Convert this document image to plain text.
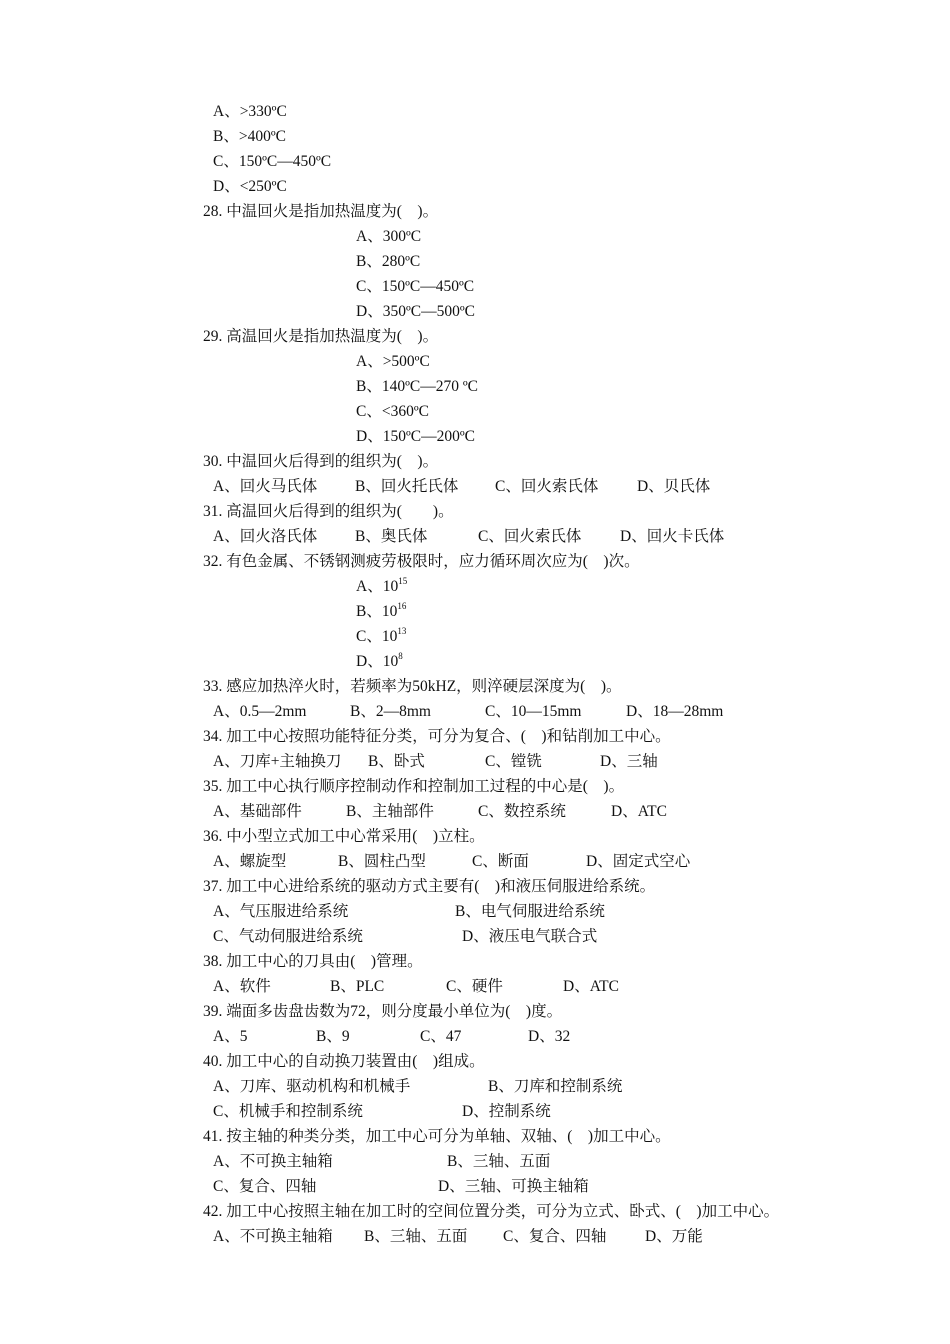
A、>330ºC
B、>400ºC
C、150ºC—450ºC
D、<250ºC
28. 中温回火是指加热温度为(    )。
A、300ºC
B、280ºC
C、150ºC—450ºC
D、350ºC—500ºC
29. 高温回火是指加热温度为(    )。
A、>500ºC
B、140ºC—270 ºC
C、<360ºC
D、150ºC—200ºC
30. 中温回火后得到的组织为(    )。
A、回火马氏体 B、回火托氏体 C、回火索氏体 D、贝氏体
31. 高温回火后得到的组织为(        )。
A、回火洛氏体 B、奥氏体	C、回火索氏体 D、回火卡氏体
32. 有色金属、不锈钢测疲劳极限时，应力循环周次应为(    )次。
A、$10^{15}$
B、$10^{16}$
C、$10^{13}$
D、$10^8$
33. 感应加热淬火时，若频率为50kHZ，则淬硬层深度为(    )。
A、0.5—2mm	B、2—8mm	C、10—15mm	D、18—28mm
34. 加工中心按照功能特征分类，可分为复合、(    )和钻削加工中心。
A、刀库+主轴换刀 B、卧式	C、镗铣	D、三轴
35. 加工中心执行顺序控制动作和控制加工过程的中心是(    )。
A、基础部件	B、主轴部件	C、数控系统	D、ATC
36. 中小型立式加工中心常采用(    )立柱。
A、螺旋型	B、圆柱凸型	C、断面	D、固定式空心
37. 加工中心进给系统的驱动方式主要有(    )和液压伺服进给系统。
A、气压服进给系统	B、电气伺服进给系统
C、气动伺服进给系统	D、液压电气联合式
38. 加工中心的刀具由(    )管理。
A、软件	B、PLC	C、硬件	D、ATC
39. 端面多齿盘齿数为72，则分度最小单位为(    )度。
A、5	B、9	C、47	D、32
40. 加工中心的自动换刀装置由(    )组成。
A、刀库、驱动机构和机械手	B、刀库和控制系统
C、机械手和控制系统	D、控制系统
41. 按主轴的种类分类，加工中心可分为单轴、双轴、(    )加工中心。
A、不可换主轴箱	B、三轴、五面
C、复合、四轴	D、三轴、可换主轴箱
42. 加工中心按照主轴在加工时的空间位置分类，可分为立式、卧式、(    )加工中心。
A、不可换主轴箱 B、三轴、五面 C、复合、四轴 D、万能
